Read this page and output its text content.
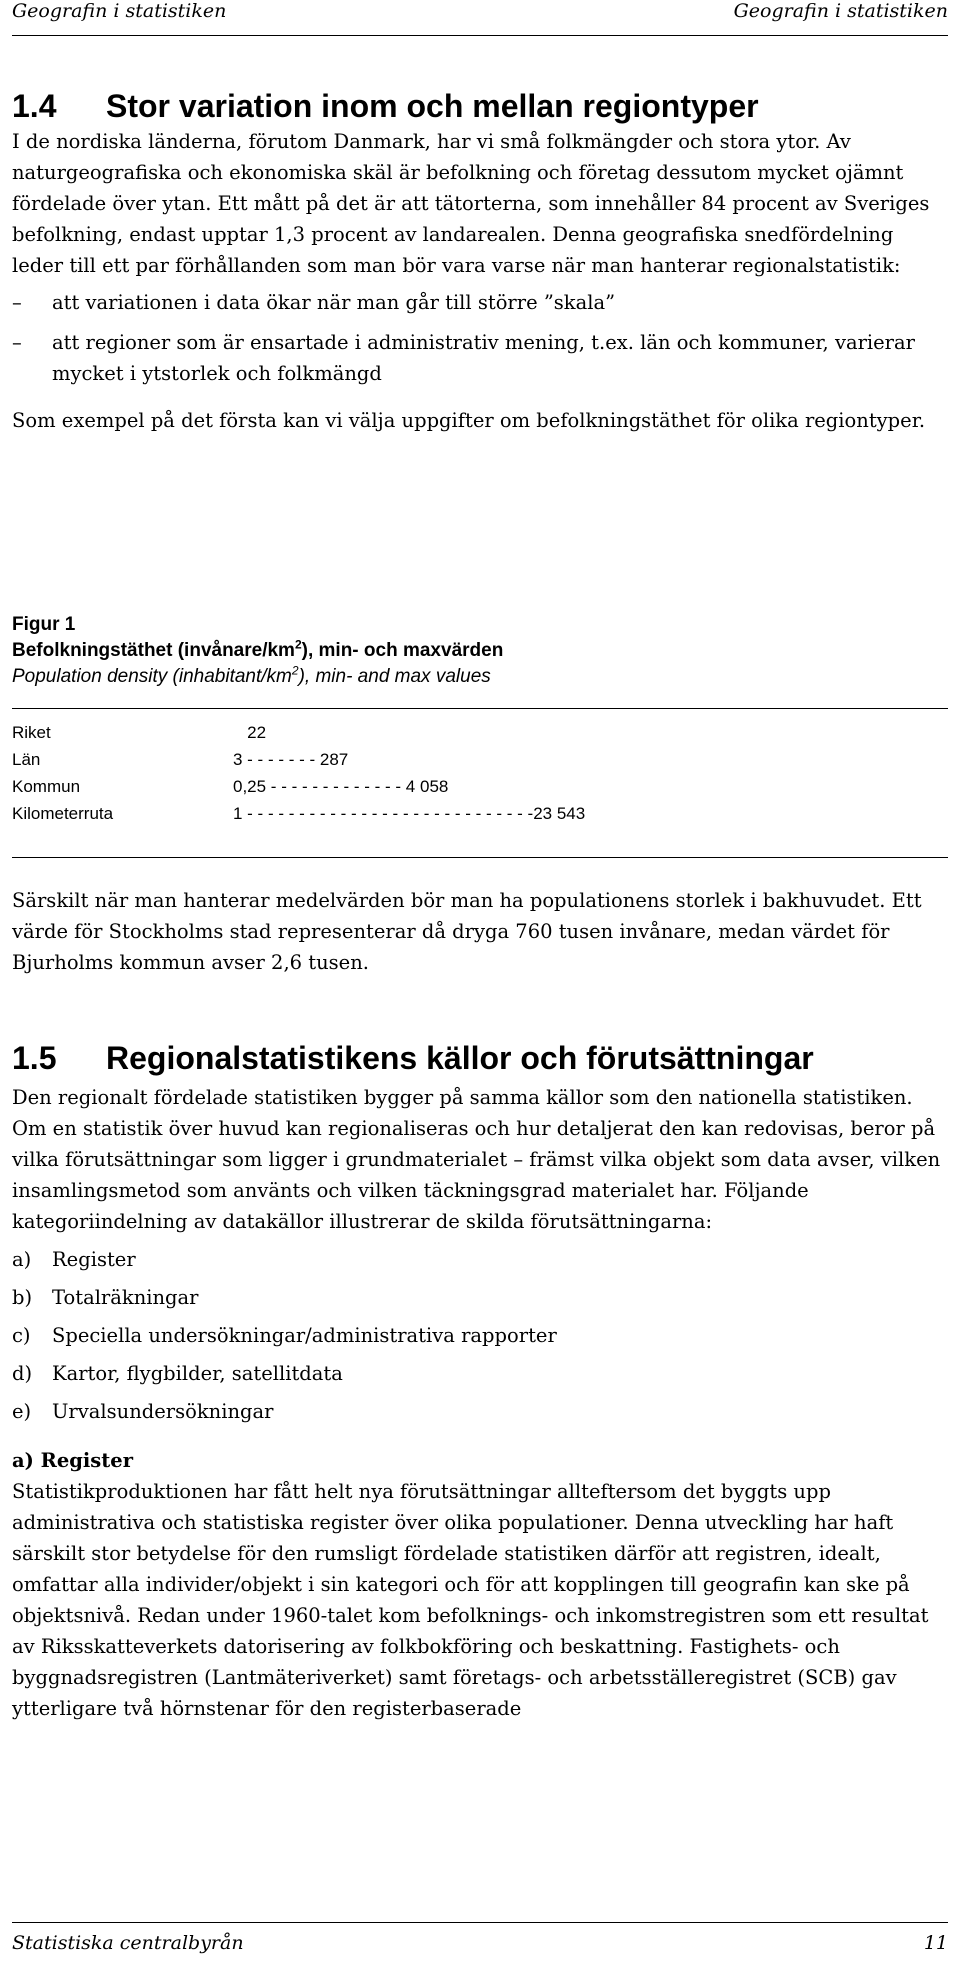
Geografin i statistiken	Geografin i statistiken
1.4 Stor variation inom och mellan regiontyper

I de nordiska länderna, förutom Danmark, har vi små folkmängder och stora ytor. Av naturgeografiska och ekonomiska skäl är befolkning och företag dessutom mycket ojämnt fördelade över ytan. Ett mått på det är att tätorterna, som innehåller 84 procent av Sveriges befolkning, endast upptar 1,3 procent av landarealen. Denna geografiska snedfördelning leder till ett par förhållanden som man bör vara varse när man hanterar regionalstatistik:

– att variationen i data ökar när man går till större ”skala”
– att regioner som är ensartade i administrativ mening, t.ex. län och kommuner, varierar mycket i ytstorlek och folkmängd

Som exempel på det första kan vi välja uppgifter om befolkningstäthet för olika regiontyper.

Figur 1
Befolkningstäthet $(invånare/km^2)$, min- och maxvärden
Population density $(inhabitant/km^2)$, min- and max values
Riket	22
Län	3 - - - - - - - 287
Kommun	0,25 - - - - - - - - - - - - - 4 058
Kilometerruta	1 - - - - - - - - - - - - - - - - - - - - - - - - - - - -23 543

Särskilt när man hanterar medelvärden bör man ha populationens storlek i bakhuvudet. Ett värde för Stockholms stad representerar då dryga 760 tusen invånare, medan värdet för Bjurholms kommun avser 2,6 tusen.

1.5 Regionalstatistikens källor och förutsättningar

Den regionalt fördelade statistiken bygger på samma källor som den nationella statistiken. Om en statistik över huvud kan regionaliseras och hur detaljerat den kan redovisas, beror på vilka förutsättningar som ligger i grundmaterialet – främst vilka objekt som data avser, vilken insamlingsmetod som använts och vilken täckningsgrad materialet har. Följande kategoriindelning av datakällor illustrerar de skilda förutsättningarna:

a) Register
b) Totalräkningar
c) Speciella undersökningar/administrativa rapporter
d) Kartor, flygbilder, satellitdata
e) Urvalsundersökningar
a) Register

Statistikproduktionen har fått helt nya förutsättningar allteftersom det byggts upp administrativa och statistiska register över olika populationer. Denna utveckling har haft särskilt stor betydelse för den rumsligt fördelade statistiken därför att registren, idealt, omfattar alla individer/objekt i sin kategori och för att kopplingen till geografin kan ske på objektsnivå. Redan under 1960-talet kom befolknings- och inkomstregistren som ett resultat av Riksskatteverkets datorisering av folkbokföring och beskattning. Fastighets- och byggnadsregistren (Lantmäteriverket) samt företags- och arbetsställeregistret (SCB) gav ytterligare två hörnstenar för den registerbaserade

Statistiska centralbyrån	11
